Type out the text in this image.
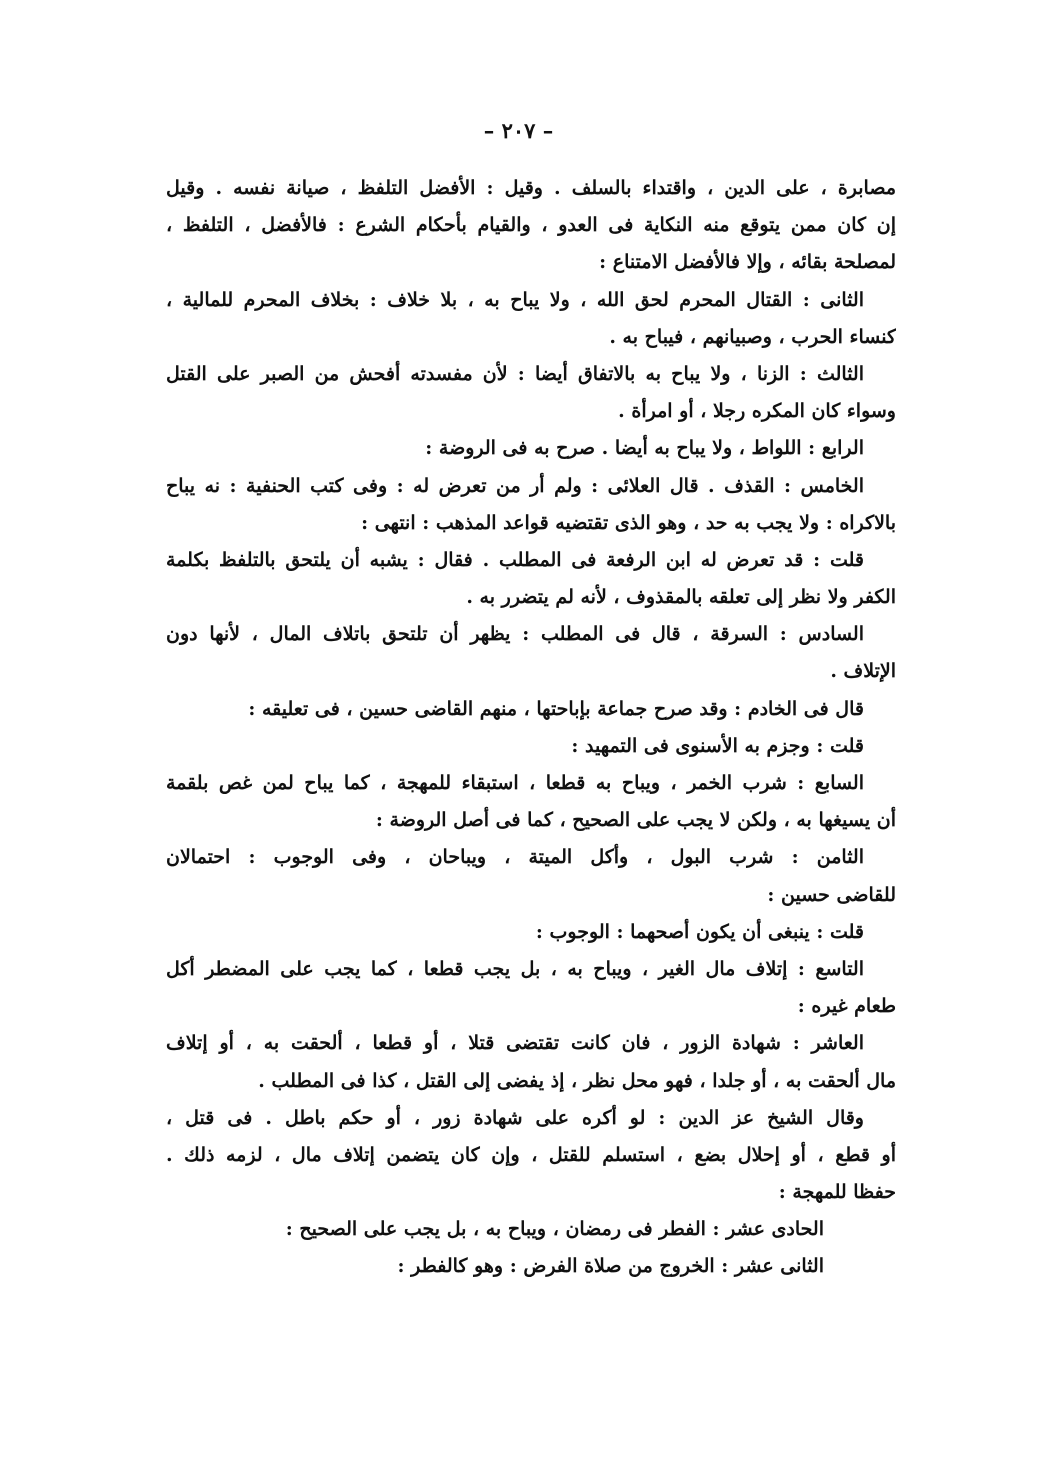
– ٢٠٧ –
مصابرة ، على الدين ، واقتداء بالسلف . وقيل : الأفضل التلفظ ، صيانة نفسه . وقيل
إن كان ممن يتوقع منه النكاية فى العدو ، والقيام بأحكام الشرع : فالأفضل ، التلفظ ،
لمصلحة بقائه ، وإلا فالأفضل الامتناع :
الثانى : القتال المحرم لحق الله ، ولا يباح به ، بلا خلاف : بخلاف المحرم للمالية ،
كنساء الحرب ، وصبيانهم ، فيباح به .
الثالث : الزنا ، ولا يباح به بالاتفاق أيضا : لأن مفسدته أفحش من الصبر على القتل
وسواء كان المكره رجلا ، أو امرأة .
الرابع : اللواط ، ولا يباح به أيضا . صرح به فى الروضة :
الخامس : القذف . قال العلائى : ولم أر من تعرض له : وفى كتب الحنفية : نه يباح
بالاكراه : ولا يجب به حد ، وهو الذى تقتضيه قواعد المذهب : انتهى :
قلت : قد تعرض له ابن الرفعة فى المطلب . فقال : يشبه أن يلتحق بالتلفظ بكلمة
الكفر ولا نظر إلى تعلقه بالمقذوف ، لأنه لم يتضرر به .
السادس : السرقة ، قال فى المطلب : يظهر أن تلتحق باتلاف المال ، لأنها دون
الإتلاف .
قال فى الخادم : وقد صرح جماعة بإباحتها ، منهم القاضى حسين ، فى تعليقه :
قلت : وجزم به الأسنوى فى التمهيد :
السابع : شرب الخمر ، ويباح به قطعا ، استبقاء للمهجة ، كما يباح لمن غص بلقمة
أن يسيغها به ، ولكن لا يجب على الصحيح ، كما فى أصل الروضة :
الثامن : شرب البول ، وأكل الميتة ، ويباحان ، وفى الوجوب : احتمالان
للقاضى حسين :
قلت : ينبغى أن يكون أصحهما : الوجوب :
التاسع : إتلاف مال الغير ، ويباح به ، بل يجب قطعا ، كما يجب على المضطر أكل
طعام غيره :
العاشر : شهادة الزور ، فان كانت تقتضى قتلا ، أو قطعا ، ألحقت به ، أو إتلاف
مال ألحقت به ، أو جلدا ، فهو محل نظر ، إذ يفضى إلى القتل ، كذا فى المطلب .
وقال الشيخ عز الدين : لو أكره على شهادة زور ، أو حكم باطل . فى قتل ،
أو قطع ، أو إحلال بضع ، استسلم للقتل ، وإن كان يتضمن إتلاف مال ، لزمه ذلك .
حفظا للمهجة :
الحادى عشر : الفطر فى رمضان ، ويباح به ، بل يجب على الصحيح :
الثانى عشر : الخروج من صلاة الفرض : وهو كالفطر :
